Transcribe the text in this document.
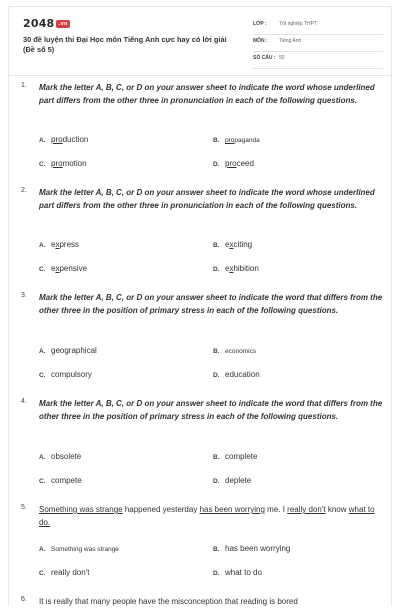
2048 .vn
30 đề luyện thi Đại Học môn Tiếng Anh cực hay có lời giải (Đề số 5)
LỚP : Tốt nghiệp THPT
MÔN : Tiếng Anh
SỐ CÂU : 50
1. Mark the letter A, B, C, or D on your answer sheet to indicate the word whose underlined part differs from the other three in pronunciation in each of the following questions.
A. production	B. propaganda
C. promotion	D. proceed
2. Mark the letter A, B, C, or D on your answer sheet to indicate the word whose underlined part differs from the other three in pronunciation in each of the following questions.
A. express	B. exciting
C. expensive	D. exhibition
3. Mark the letter A, B, C, or D on your answer sheet to indicate the word that differs from the other three in the position of primary stress in each of the following questions.
A. geographical	B. economics
C. compulsory	D. education
4. Mark the letter A, B, C, or D on your answer sheet to indicate the word that differs from the other three in the position of primary stress in each of the following questions.
A. obsolete	B. complete
C. compete	D. deplete
5. Something was strange happened yesterday has been worrying me. I really don't know what to do.
A. Something was strange	B. has been worrying
C. really don't	D. what to do
6. It is really that many people have the misconception that reading is bored
